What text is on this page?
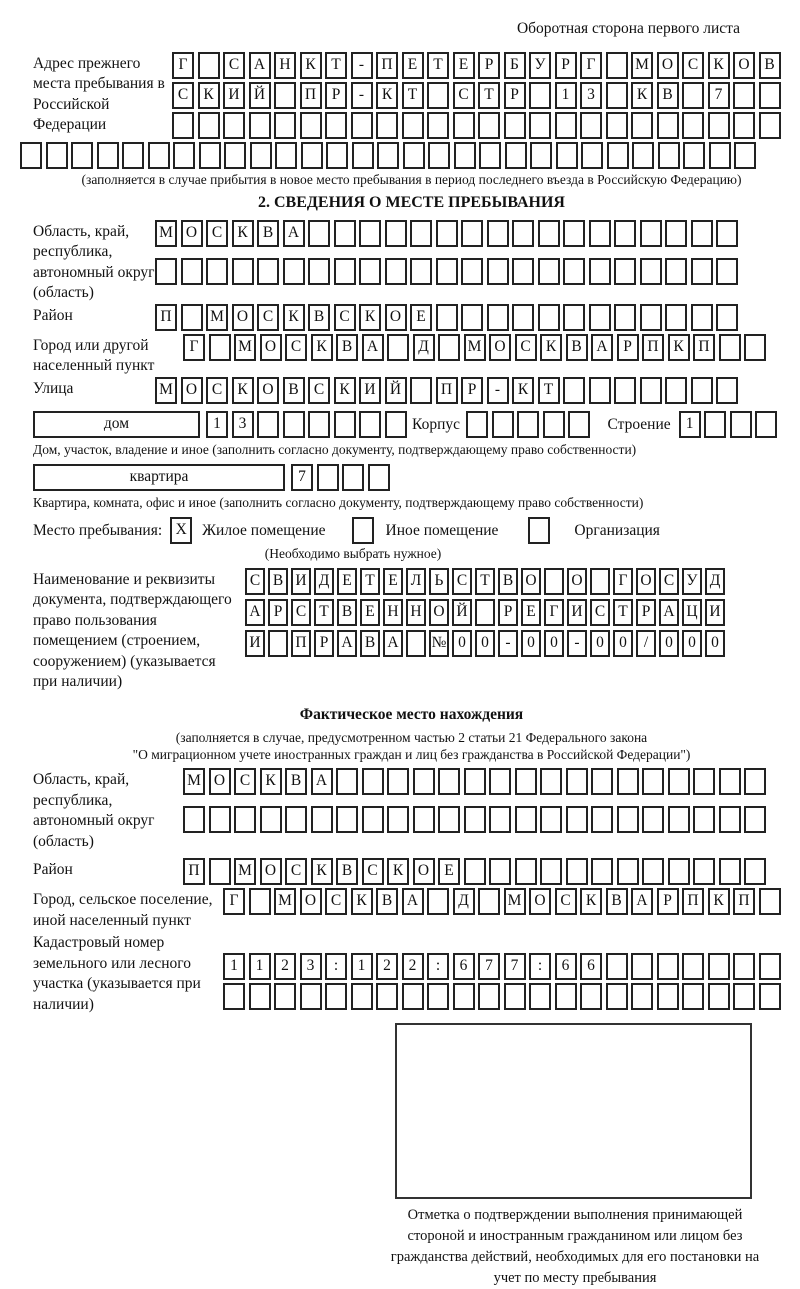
Оборотная сторона первого листа
Адрес прежнего места пребывания в Российской Федерации
Г	С А Н К Т - П Е Т Е Р Б У Р Г	М О С К О В
С К И Й	П Р - К Т	С Т Р	1 3	К В	7
(заполняется в случае прибытия в новое место пребывания в период последнего въезда в Российскую Федерацию)
2. СВЕДЕНИЯ О МЕСТЕ ПРЕБЫВАНИЯ
Область, край, республика, автономный округ (область)
М О С К В А
Район	П М О С К В С К О Е
Город или другой населенный пункт
Г	М О С К В А	Д	М О С К В А Р П К П
Улица	М О С К О В С К И Й	П Р - К Т
дом	1 3	Корпус	Строение 1
Дом, участок, владение и иное (заполнить согласно документу, подтверждающему право собственности)
квартира	7
Квартира, комната, офис и иное (заполнить согласно документу, подтверждающему право собственности)
Место пребывания: X Жилое помещение	Иное помещение	Организация
(Необходимо выбрать нужное)
Наименование и реквизиты документа, подтверждающего право пользования помещением (строением, сооружением) (указывается при наличии)
С В И Д Е Т Е Л Ь С Т В О О Г О С У Д
А Р С Т В Е Н Н О Й Р Е Г И С Т Р А Ц И
И П Р А В А № 0 0 - 0 0 - 0 0 / 0 0 0
Фактическое место нахождения
(заполняется в случае, предусмотренном частью 2 статьи 21 Федерального закона
"О миграционном учете иностранных граждан и лиц без гражданства в Российской Федерации")
Область, край, республика, автономный округ (область)
М О С К В А
Район	П М О С К В С К О Е
Город, сельское поселение, иной населенный пункт
Г	М О С К В А	Д	М О С К В А Р П К П
Кадастровый номер земельного или лесного участка (указывается при наличии)
1 1 2 3 : 1 2 2 : 6 7 7 : 6 6
Отметка о подтверждении выполнения принимающей стороной и иностранным гражданином или лицом без гражданства действий, необходимых для его постановки на учет по месту пребывания
